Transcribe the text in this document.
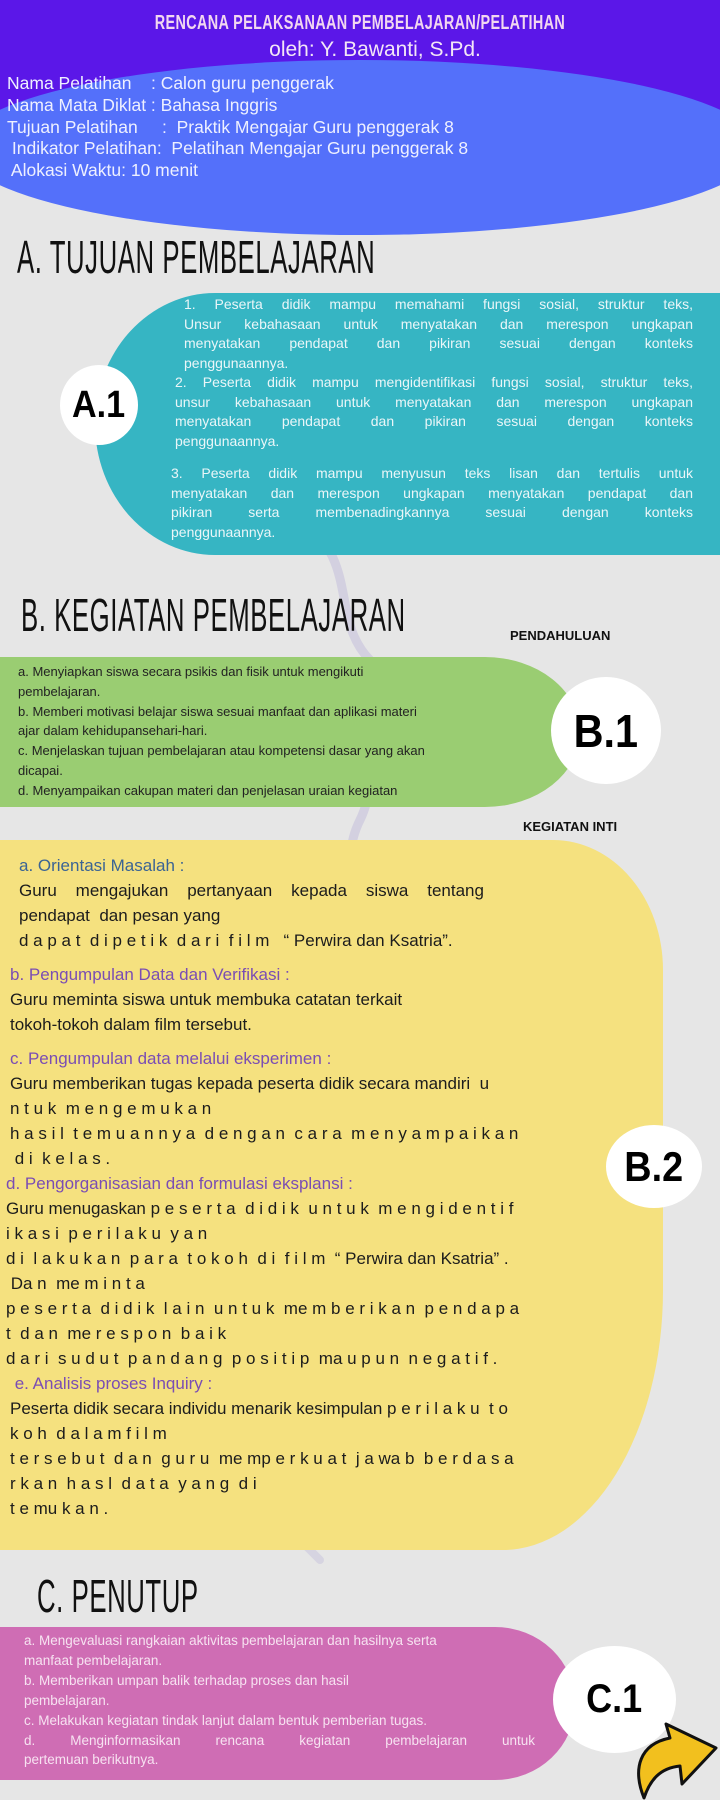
RENCANA PELAKSANAAN PEMBELAJARAN/PELATIHAN
oleh: Y. Bawanti, S.Pd.
Nama Pelatihan    : Calon guru penggerak
Nama Mata Diklat : Bahasa Inggris
Tujuan Pelatihan     :  Praktik Mengajar Guru penggerak 8
Indikator Pelatihan:  Pelatihan Mengajar Guru penggerak 8
Alokasi Waktu: 10 menit
A. TUJUAN PEMBELAJARAN
1. Peserta didik mampu memahami fungsi sosial, struktur teks,
Unsur kebahasaan untuk menyatakan dan merespon ungkapan
menyatakan pendapat dan pikiran sesuai dengan konteks
penggunaannya.
2. Peserta didik mampu mengidentifikasi fungsi sosial, struktur teks,
unsur kebahasaan untuk menyatakan dan merespon ungkapan
menyatakan pendapat dan pikiran sesuai dengan konteks
penggunaannya.
3. Peserta didik mampu menyusun teks lisan dan tertulis untuk
menyatakan dan merespon ungkapan menyatakan pendapat dan
pikiran serta membenadingkannya sesuai dengan konteks
penggunaannya.
A.1
B. KEGIATAN PEMBELAJARAN	PENDAHULUAN
a. Menyiapkan siswa secara psikis dan fisik untuk mengikuti
pembelajaran.
b. Memberi motivasi belajar siswa sesuai manfaat dan aplikasi materi
ajar dalam kehidupansehari-hari.
c. Menjelaskan tujuan pembelajaran atau kompetensi dasar yang akan
dicapai.
d. Menyampaikan cakupan materi dan penjelasan uraian kegiatan
B.1
KEGIATAN INTI
a. Orientasi Masalah :
Guru    mengajukan    pertanyaan    kepada    siswa    tentang
pendapat  dan pesan yang
d a p a t  d i p e t i k  d a r i  f i l m   “ Perwira dan Ksatria”.
b. Pengumpulan Data dan Verifikasi :
Guru meminta siswa untuk membuka catatan terkait
tokoh-tokoh dalam film tersebut.
c. Pengumpulan data melalui eksperimen :
Guru memberikan tugas kepada peserta didik secara mandiri  u
n t u k  m e n g e m u k a n
h a s i l  t e m u a n n y a  d e n g a n  c a r a  m e n y a m p a i k a n
d i  k e l a s .
d. Pengorganisasian dan formulasi eksplansi :
Guru menugaskan p e s e r t a  d i d i k  u n t u k  m e n g i d e n t i f
i k a s i  p e r i l a k u  y a n
d i  l a k u k a n  p a r a  t o k o h  d i  f i l m  “ Perwira dan Ksatria” .
Da n  me m i n t a
p e s e r t a  d i d i k  l a i n  u n t u k  me m b e r i k a n  p e n d a p a
t  d a n  me r e s p o n  b a i k
d a r i  s u d u t  p a n d a n g  p o s i t i p  ma u p u n  n e g a t i f .
e. Analisis proses Inquiry :
Peserta didik secara individu menarik kesimpulan p e r i l a k u  t o
k o h  d a l a m f i l m
t e r s e b u t  d a n  g u r u  me mp e r k u a t  j a wa b  b e r d a s a
r k a n  h a s l  d a t a  y a n g  d i
t e mu k a n .
B.2
C. PENUTUP
a. Mengevaluasi rangkaian aktivitas pembelajaran dan hasilnya serta
manfaat pembelajaran.
b. Memberikan umpan balik terhadap proses dan hasil
pembelajaran.
c. Melakukan kegiatan tindak lanjut dalam bentuk pemberian tugas.
d. Menginformasikan rencana kegiatan pembelajaran untuk
pertemuan berikutnya.
C.1
